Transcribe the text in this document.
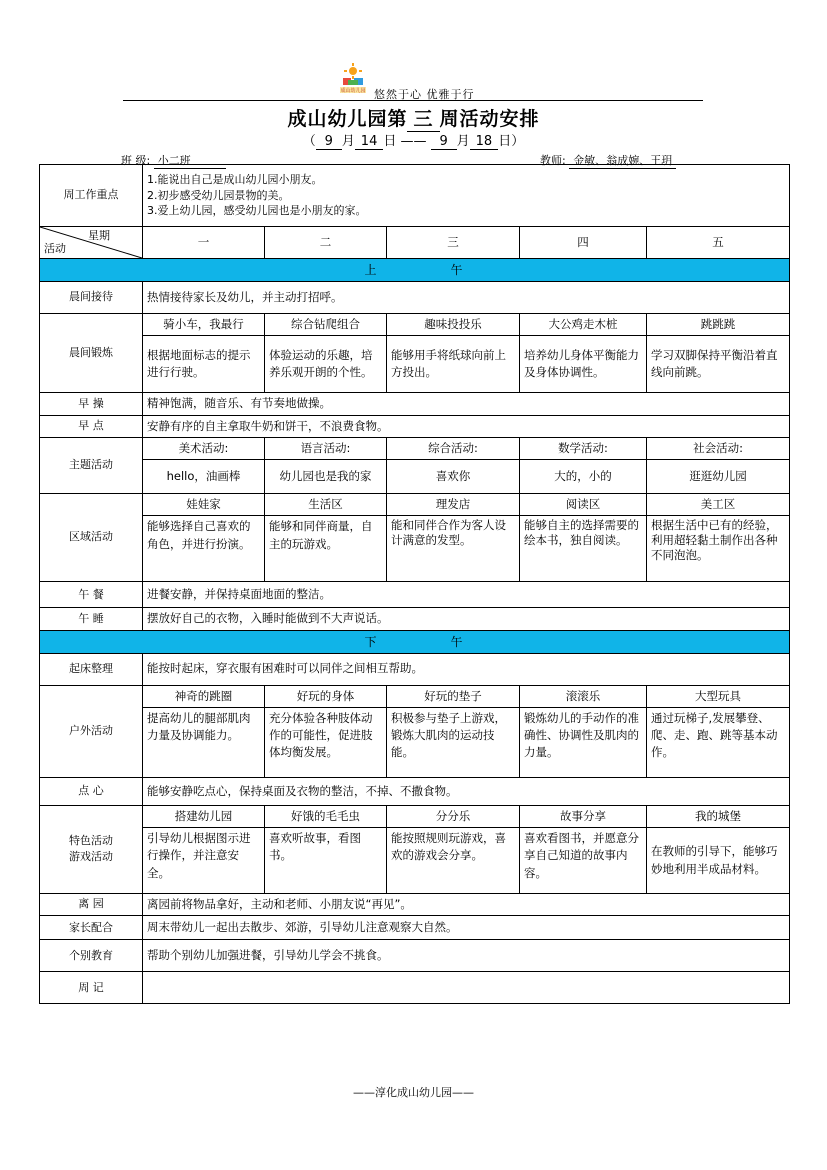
成山幼儿园 悠然于心 优雅于行
成山幼儿园第 三 周活动安排
（ 9 月 14 日 —— 9 月 18 日）
班 级: 小二班	教师: 金敏、翁成婉、王玥
周工作重点	1.能说出自己是成山幼儿园小朋友。
2.初步感受幼儿园景物的美。
3.爱上幼儿园，感受幼儿园也是小朋友的家。				

星期
活动	一	二	三	四	五
上 午					
晨间接待	热情接待家长及幼儿，并主动打招呼。				
晨间锻炼	骑小车，我最行	综合钻爬组合	趣味投投乐	大公鸡走木桩	跳跳跳
	根据地面标志的提示进行行驶。	体验运动的乐趣，培养乐观开朗的个性。	能够用手将纸球向前上方投出。	培养幼儿身体平衡能力及身体协调性。	学习双脚保持平衡沿着直线向前跳。
早 操	精神饱满，随音乐、有节奏地做操。				
早 点	安静有序的自主拿取牛奶和饼干，不浪费食物。				
主题活动	美术活动:	语言活动:	综合活动:	数学活动:	社会活动:
	hello，油画棒	幼儿园也是我的家	喜欢你	大的，小的	逛逛幼儿园
区域活动	娃娃家	生活区	理发店	阅读区	美工区
	能够选择自己喜欢的角色，并进行扮演。	能够和同伴商量，自主的玩游戏。	能和同伴合作为客人设计满意的发型。	能够自主的选择需要的绘本书，独自阅读。	根据生活中已有的经验，利用超轻黏土制作出各种不同泡泡。
午 餐	进餐安静，并保持桌面地面的整洁。				
午 睡	摆放好自己的衣物，入睡时能做到不大声说话。				
下 午					
起床整理	能按时起床，穿衣服有困难时可以同伴之间相互帮助。				
户外活动	神奇的跳圈	好玩的身体	好玩的垫子	滚滚乐	大型玩具
	提高幼儿的腿部肌肉力量及协调能力。	充分体验各种肢体动作的可能性，促进肢体均衡发展。	积极参与垫子上游戏，锻炼大肌肉的运动技能。	锻炼幼儿的手动作的准确性、协调性及肌肉的力量。	通过玩梯子,发展攀登、爬、走、跑、跳等基本动作。
点 心	能够安静吃点心，保持桌面及衣物的整洁，不掉、不撒食物。				

特色活动
游戏活动	搭建幼儿园	好饿的毛毛虫	分分乐	故事分享	我的城堡
	引导幼儿根据图示进行操作，并注意安全。	喜欢听故事，看图书。	能按照规则玩游戏，喜欢的游戏会分享。	喜欢看图书，并愿意分享自己知道的故事内容。	在教师的引导下，能够巧妙地利用半成品材料。
离 园	离园前将物品拿好，主动和老师、小朋友说“再见”。				
家长配合	周末带幼儿一起出去散步、郊游，引导幼儿注意观察大自然。				
个别教育	帮助个别幼儿加强进餐，引导幼儿学会不挑食。				
周 记					
——淳化成山幼儿园——
